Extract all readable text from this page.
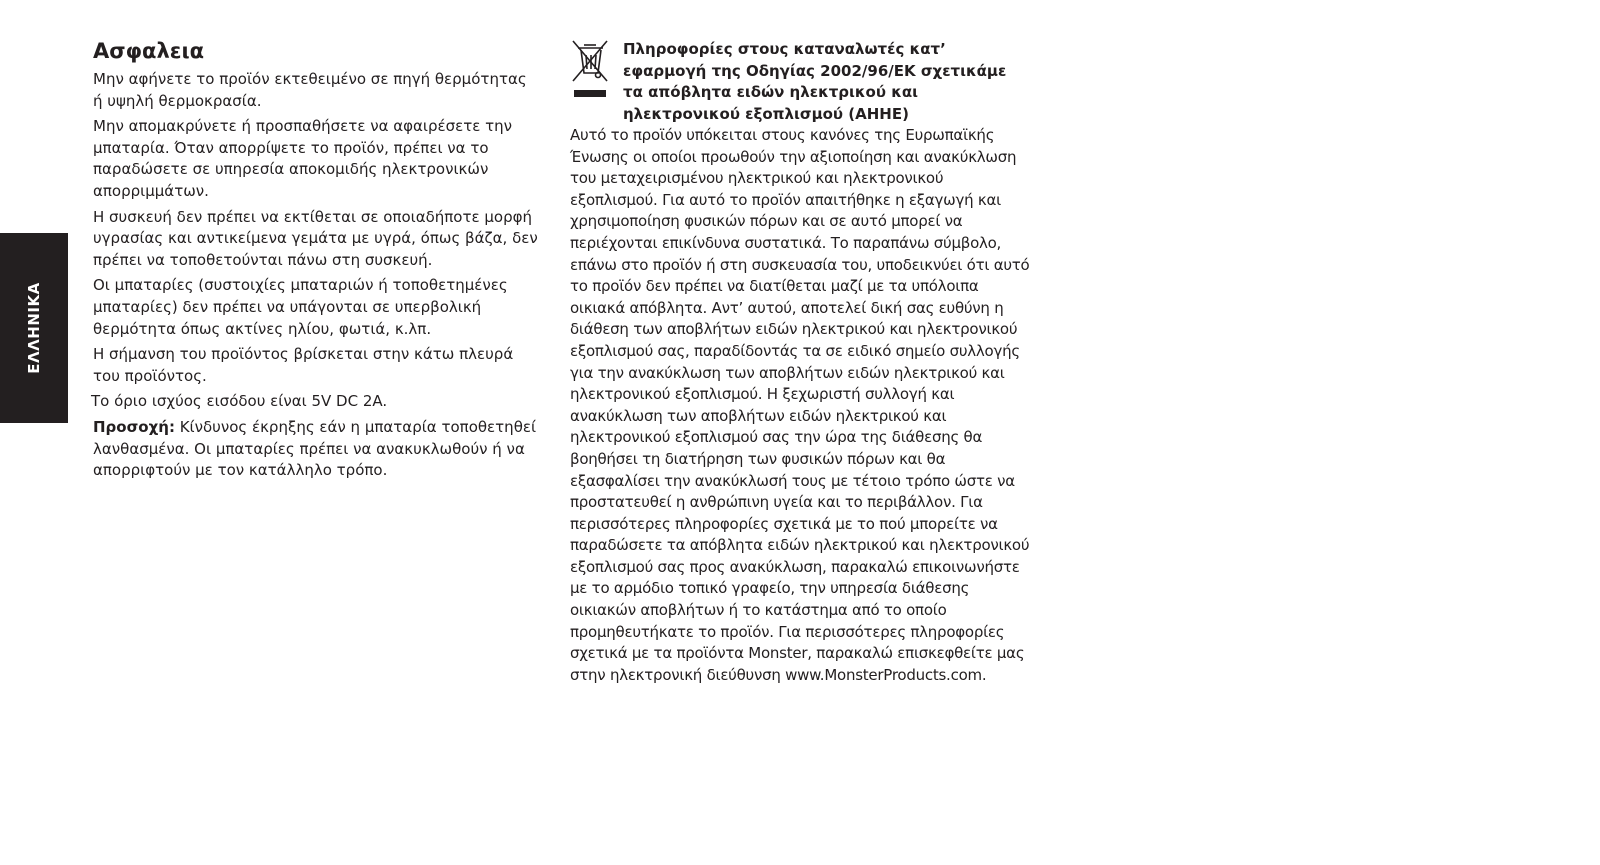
ΕΛΛΗΝΙΚΑ
Ασφαλεια

Μην αφήνετε το προϊόν εκτεθειμένο σε πηγή θερμότητας ή υψηλή θερμοκρασία.

Μην απομακρύνετε ή προσπαθήσετε να αφαιρέσετε την μπαταρία. Όταν απορρίψετε το προϊόν, πρέπει να το παραδώσετε σε υπηρεσία αποκομιδής ηλεκτρονικών απορριμμάτων.

Η συσκευή δεν πρέπει να εκτίθεται σε οποιαδήποτε μορφή υγρασίας και αντικείμενα γεμάτα με υγρά, όπως βάζα, δεν πρέπει να τοποθετούνται πάνω στη συσκευή.

Οι μπαταρίες (συστοιχίες μπαταριών ή τοποθετημένες μπαταρίες) δεν πρέπει να υπάγονται σε υπερβολική θερμότητα όπως ακτίνες ηλίου, φωτιά, κ.λπ.

Η σήμανση του προϊόντος βρίσκεται στην κάτω πλευρά του προϊόντος.

Το όριο ισχύος εισόδου είναι 5V DC 2A.

Προσοχή: Κίνδυνος έκρηξης εάν η μπαταρία τοποθετηθεί λανθασμένα. Οι μπαταρίες πρέπει να ανακυκλωθούν ή να απορριφτούν με τον κατάλληλο τρόπο.

Πληροφορίες στους καταναλωτές κατ’ εφαρμογή της Οδηγίας 2002/96/ΕΚ σχετικάμε τα απόβλητα ειδών ηλεκτρικού και ηλεκτρονικού εξοπλισμού (ΑΗΗΕ)

Αυτό το προϊόν υπόκειται στους κανόνες της Ευρωπαϊκής Ένωσης οι οποίοι προωθούν την αξιοποίηση και ανακύκλωση του μεταχειρισμένου ηλεκτρικού και ηλεκτρονικού εξοπλισμού. Για αυτό το προϊόν απαιτήθηκε η εξαγωγή και χρησιμοποίηση φυσικών πόρων και σε αυτό μπορεί να περιέχονται επικίνδυνα συστατικά. Το παραπάνω σύμβολο, επάνω στο προϊόν ή στη συσκευασία του, υποδεικνύει ότι αυτό το προϊόν δεν πρέπει να διατίθεται μαζί με τα υπόλοιπα οικιακά απόβλητα. Αντ’ αυτού, αποτελεί δική σας ευθύνη η διάθεση των αποβλήτων ειδών ηλεκτρικού και ηλεκτρονικού εξοπλισμού σας, παραδίδοντάς τα σε ειδικό σημείο συλλογής για την ανακύκλωση των αποβλήτων ειδών ηλεκτρικού και ηλεκτρονικού εξοπλισμού. Η ξεχωριστή συλλογή και ανακύκλωση των αποβλήτων ειδών ηλεκτρικού και ηλεκτρονικού εξοπλισμού σας την ώρα της διάθεσης θα βοηθήσει τη διατήρηση των φυσικών πόρων και θα εξασφαλίσει την ανακύκλωσή τους με τέτοιο τρόπο ώστε να προστατευθεί η ανθρώπινη υγεία και το περιβάλλον. Για περισσότερες πληροφορίες σχετικά με το πού μπορείτε να παραδώσετε τα απόβλητα ειδών ηλεκτρικού και ηλεκτρονικού εξοπλισμού σας προς ανακύκλωση, παρακαλώ επικοινωνήστε με το αρμόδιο τοπικό γραφείο, την υπηρεσία διάθεσης οικιακών αποβλήτων ή το κατάστημα από το οποίο προμηθευτήκατε το προϊόν. Για περισσότερες πληροφορίες σχετικά με τα προϊόντα Monster, παρακαλώ επισκεφθείτε μας στην ηλεκτρονική διεύθυνση www.MonsterProducts.com.
